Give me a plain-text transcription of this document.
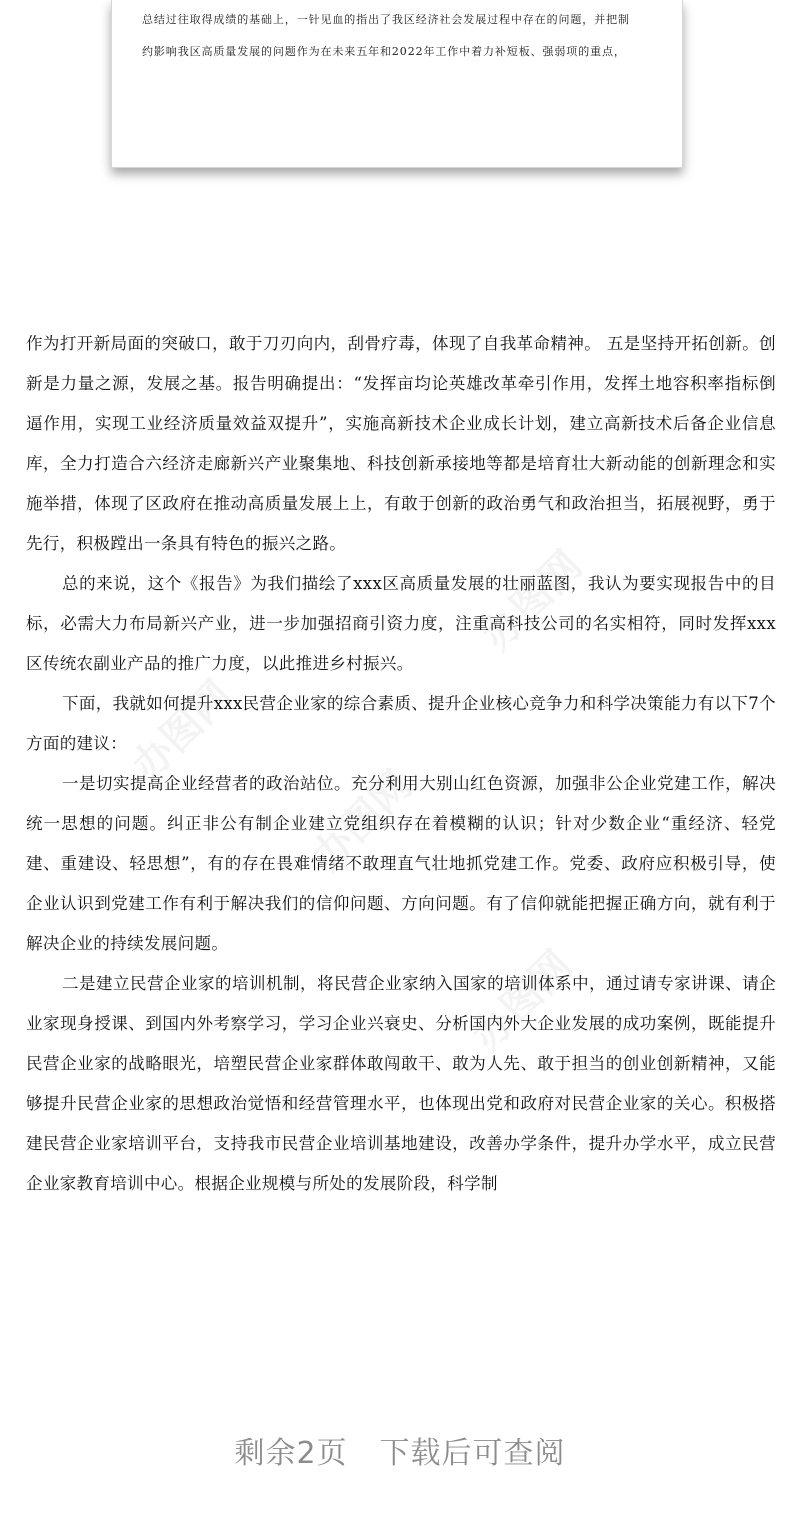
总结过往取得成绩的基础上，一针见血的指出了我区经济社会发展过程中存在的问题，并把制

约影响我区高质量发展的问题作为在未来五年和2022年工作中着力补短板、强弱项的重点，

办图网
办图网
办图网
办图网

作为打开新局面的突破口，敢于刀刃向内，刮骨疗毒，体现了自我革命精神。 五是坚持开拓创新。创新是力量之源，发展之基。报告明确提出：“发挥亩均论英雄改革牵引作用，发挥土地容积率指标倒逼作用，实现工业经济质量效益双提升”，实施高新技术企业成长计划，建立高新技术后备企业信息库，全力打造合六经济走廊新兴产业聚集地、科技创新承接地等都是培育壮大新动能的创新理念和实施举措，体现了区政府在推动高质量发展上上，有敢于创新的政治勇气和政治担当，拓展视野，勇于先行，积极蹚出一条具有特色的振兴之路。

总的来说，这个《报告》为我们描绘了xxx区高质量发展的壮丽蓝图，我认为要实现报告中的目标，必需大力布局新兴产业，进一步加强招商引资力度，注重高科技公司的名实相符，同时发挥xxx区传统农副业产品的推广力度，以此推进乡村振兴。

下面，我就如何提升xxx民营企业家的综合素质、提升企业核心竞争力和科学决策能力有以下7个方面的建议：

一是切实提高企业经营者的政治站位。充分利用大别山红色资源，加强非公企业党建工作，解决统一思想的问题。纠正非公有制企业建立党组织存在着模糊的认识；针对少数企业“重经济、轻党建、重建设、轻思想”，有的存在畏难情绪不敢理直气壮地抓党建工作。党委、政府应积极引导，使企业认识到党建工作有利于解决我们的信仰问题、方向问题。有了信仰就能把握正确方向，就有利于解决企业的持续发展问题。

二是建立民营企业家的培训机制，将民营企业家纳入国家的培训体系中，通过请专家讲课、请企业家现身授课、到国内外考察学习，学习企业兴衰史、分析国内外大企业发展的成功案例，既能提升民营企业家的战略眼光，培塑民营企业家群体敢闯敢干、敢为人先、敢于担当的创业创新精神，又能够提升民营企业家的思想政治觉悟和经营管理水平，也体现出党和政府对民营企业家的关心。积极搭建民营企业家培训平台，支持我市民营企业培训基地建设，改善办学条件，提升办学水平，成立民营企业家教育培训中心。根据企业规模与所处的发展阶段，科学制

剩余2页 下载后可查阅
